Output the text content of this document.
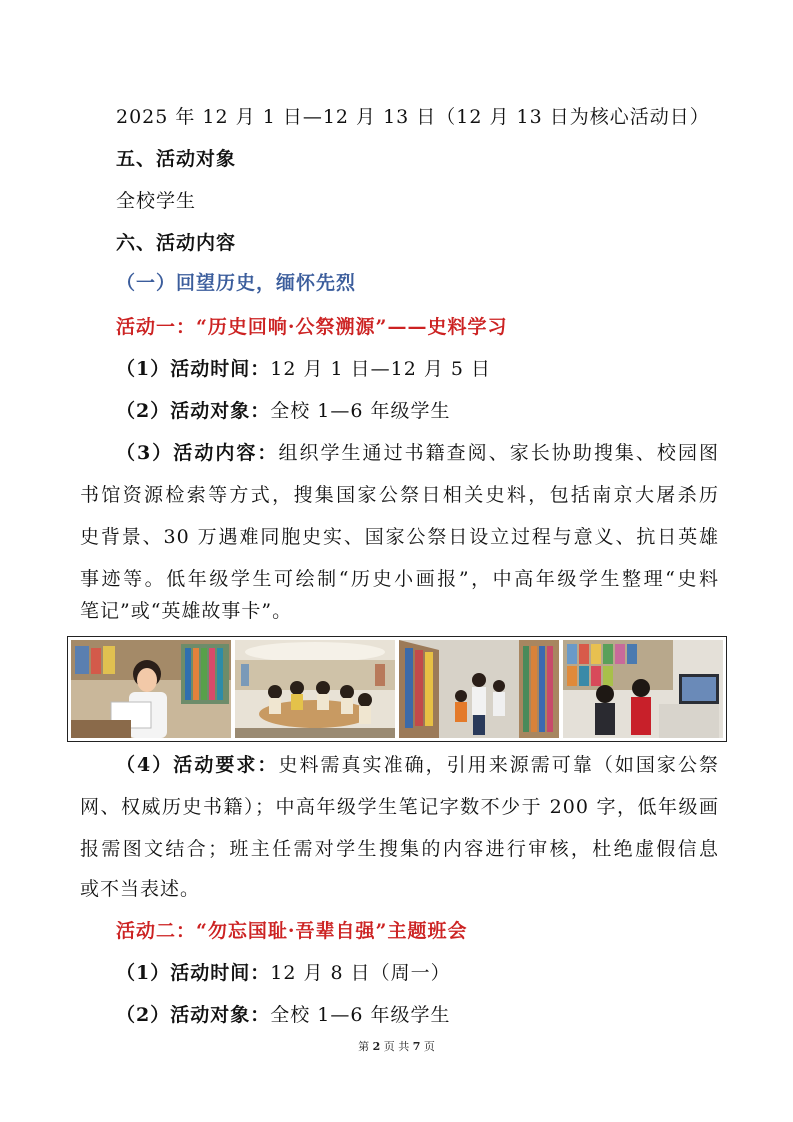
2025 年 12 月 1 日—12 月 13 日（12 月 13 日为核心活动日）
五、活动对象
全校学生
六、活动内容
（一）回望历史，缅怀先烈
活动一：“历史回响·公祭溯源”——史料学习
（1）活动时间：12 月 1 日—12 月 5 日
（2）活动对象：全校 1—6 年级学生
（3）活动内容：组织学生通过书籍查阅、家长协助搜集、校园图
书馆资源检索等方式，搜集国家公祭日相关史料，包括南京大屠杀历
史背景、30 万遇难同胞史实、国家公祭日设立过程与意义、抗日英雄
事迹等。低年级学生可绘制“历史小画报”，中高年级学生整理“史料
笔记”或“英雄故事卡”。
（4）活动要求：史料需真实准确，引用来源需可靠（如国家公祭
网、权威历史书籍）；中高年级学生笔记字数不少于 200 字，低年级画
报需图文结合；班主任需对学生搜集的内容进行审核，杜绝虚假信息
或不当表述。
活动二：“勿忘国耻·吾辈自强”主题班会
（1）活动时间：12 月 8 日（周一）
（2）活动对象：全校 1—6 年级学生
第 2 页 共 7 页
